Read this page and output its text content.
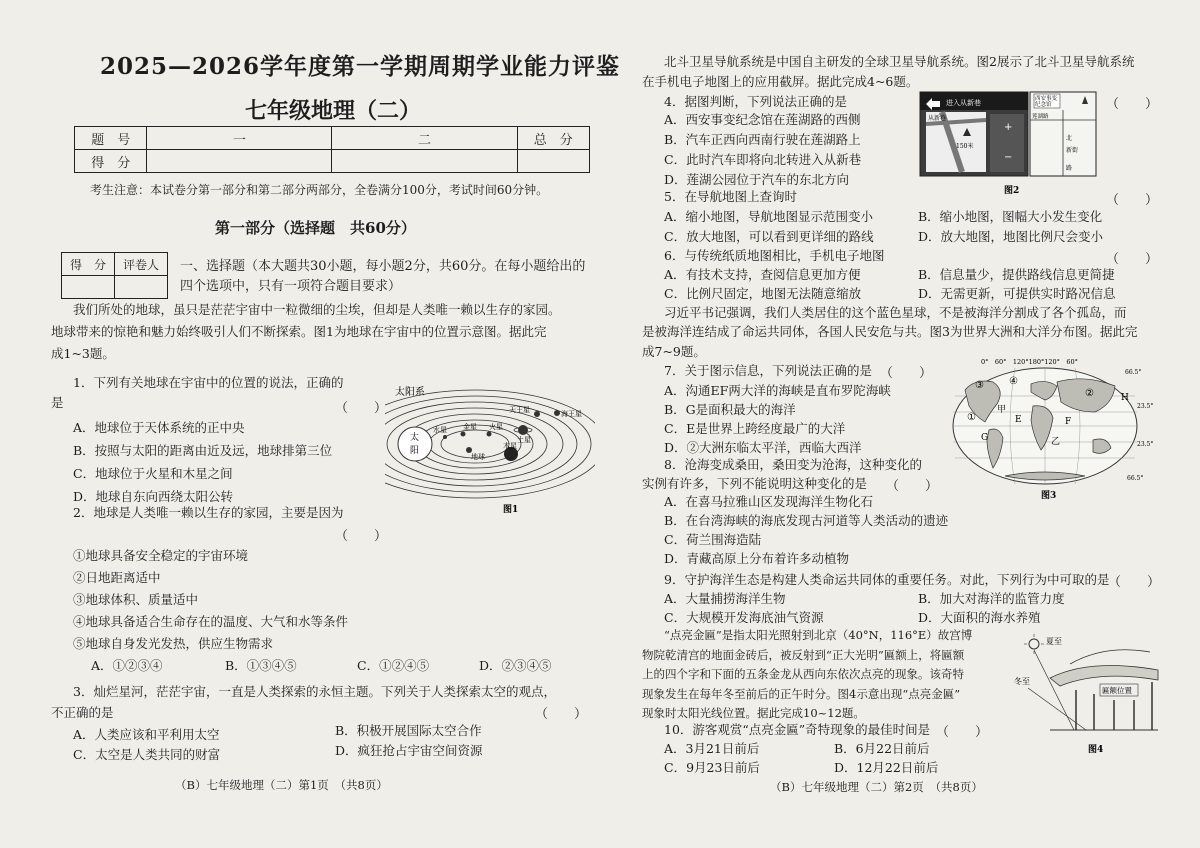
2025—2026学年度第一学期周期学业能力评鉴
七年级地理（二）
题　号	一	二	总　分
得　分			
考生注意：本试卷分第一部分和第二部分两部分，全卷满分100分，考试时间60分钟。
第一部分（选择题　共60分）
得　分	评卷人
	一、选择题（本大题共30小题，每小题2分，共60分。在每小题给出的四个选项中，只有一项符合题目要求）
我们所处的地球，虽只是茫茫宇宙中一粒微细的尘埃，但却是人类唯一赖以生存的家园。
地球带来的惊艳和魅力始终吸引人们不断探索。图1为地球在宇宙中的位置示意图。据此完
成1~3题。
1．下列有关地球在宇宙中的位置的说法，正确的
是	（　　）
A．地球位于天体系统的正中央
B．按照与太阳的距离由近及远，地球排第三位
C．地球位于火星和木星之间
D．地球自东向西绕太阳公转
太阳系
太
阳
水星 金星
地球
火星
木星
土星
天王星	海王星
图1
2．地球是人类唯一赖以生存的家园，主要是因为
（　　）
①地球具备安全稳定的宇宙环境
②日地距离适中
③地球体积、质量适中
④地球具备适合生命存在的温度、大气和水等条件
⑤地球自身发光发热，供应生物需求
A．①②③④	B．①③④⑤	C．①②④⑤	D．②③④⑤
3．灿烂星河，茫茫宇宙，一直是人类探索的永恒主题。下列关于人类探索太空的观点，
不正确的是	（　　）
A．人类应该和平利用太空	B．积极开展国际太空合作
C．太空是人类共同的财富	D．疯狂抢占宇宙空间资源
（B）七年级地理（二）第1页　（共8页）
北斗卫星导航系统是中国自主研发的全球卫星导航系统。图2展示了北斗卫星导航系统
在手机电子地图上的应用截屏。据此完成4~6题。
4．据图判断，下列说法正确的是	（　　）
A．西安事变纪念馆在莲湖路的西侧
B．汽车正西向西南行驶在莲湖路上
C．此时汽车即将向北转进入从新巷
D．莲湖公园位于汽车的东北方向
进入从新巷
从新巷
150米
+
−
西安事变
纪念馆
莲湖路
北
新街
路
图2
5．在导航地图上查询时	（　　）
A．缩小地图，导航地图显示范围变小	B．缩小地图，图幅大小发生变化
C．放大地图，可以看到更详细的路线	D．放大地图，地图比例尺会变小
6．与传统纸质地图相比，手机电子地图	（　　）
A．有技术支持，查阅信息更加方便	B．信息量少，提供路线信息更简捷
C．比例尺固定，地图无法随意缩放	D．无需更新，可提供实时路况信息
习近平书记强调，我们人类居住的这个蓝色星球，不是被海洋分割成了各个孤岛，而
是被海洋连结成了命运共同体，各国人民安危与共。图3为世界大洲和大洋分布图。据此完
成7~9题。
7．关于图示信息，下列说法正确的是 （　　）
A．沟通EF两大洋的海峡是直布罗陀海峡
B．G是面积最大的海洋
C．E是世界上跨经度最广的大洋
D．②大洲东临太平洋，西临大西洋
0°　60°　120°180°120°　60°
66.5°
23.5°
23.5°
66.5°
①
②
③	④
甲
乙
E	F
G
H
图3
8．沧海变成桑田，桑田变为沧海，这种变化的
实例有许多，下列不能说明这种变化的是 （　　）
A．在喜马拉雅山区发现海洋生物化石
B．在台湾海峡的海底发现古河道等人类活动的遗迹
C．荷兰围海造陆
D．青藏高原上分布着许多动植物
9．守护海洋生态是构建人类命运共同体的重要任务。对此，下列行为中可取的是
（　　）
A．大量捕捞海洋生物	B．加大对海洋的监管力度
C．大规模开发海底油气资源	D．大面积的海水养殖
“点亮金匾”是指太阳光照射到北京（40°N，116°E）故宫博
物院乾清宫的地面金砖后，被反射到“正大光明”匾额上，将匾额
上的四个字和下面的五条金龙从西向东依次点亮的现象。该奇特
现象发生在每年冬至前后的正午时分。图4示意出现“点亮金匾”
现象时太阳光线位置。据此完成10~12题。
夏至
冬至
匾额位置
图4
10．游客观赏“点亮金匾”奇特现象的最佳时间是 （　　）
A．3月21日前后	B．6月22日前后
C．9月23日前后	D．12月22日前后
（B）七年级地理（二）第2页　（共8页）
